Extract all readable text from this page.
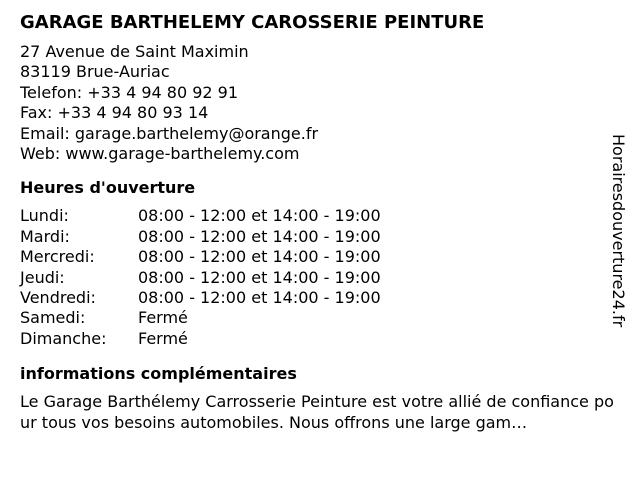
GARAGE BARTHELEMY CAROSSERIE PEINTURE
27 Avenue de Saint Maximin
83119 Brue-Auriac
Telefon: +33 4 94 80 92 91
Fax: +33 4 94 80 93 14
Email: garage.barthelemy@orange.fr
Web: www.garage-barthelemy.com
Heures d'ouverture
Lundi:	08:00 - 12:00 et 14:00 - 19:00
Mardi:	08:00 - 12:00 et 14:00 - 19:00
Mercredi:	08:00 - 12:00 et 14:00 - 19:00
Jeudi:	08:00 - 12:00 et 14:00 - 19:00
Vendredi:	08:00 - 12:00 et 14:00 - 19:00
Samedi:	Fermé
Dimanche:	Fermé
informations complémentaires
Le Garage Barthélemy Carrosserie Peinture est votre allié de confiance pour tous vos besoins automobiles. Nous offrons une large gam…
Horairesdouverture24.fr
